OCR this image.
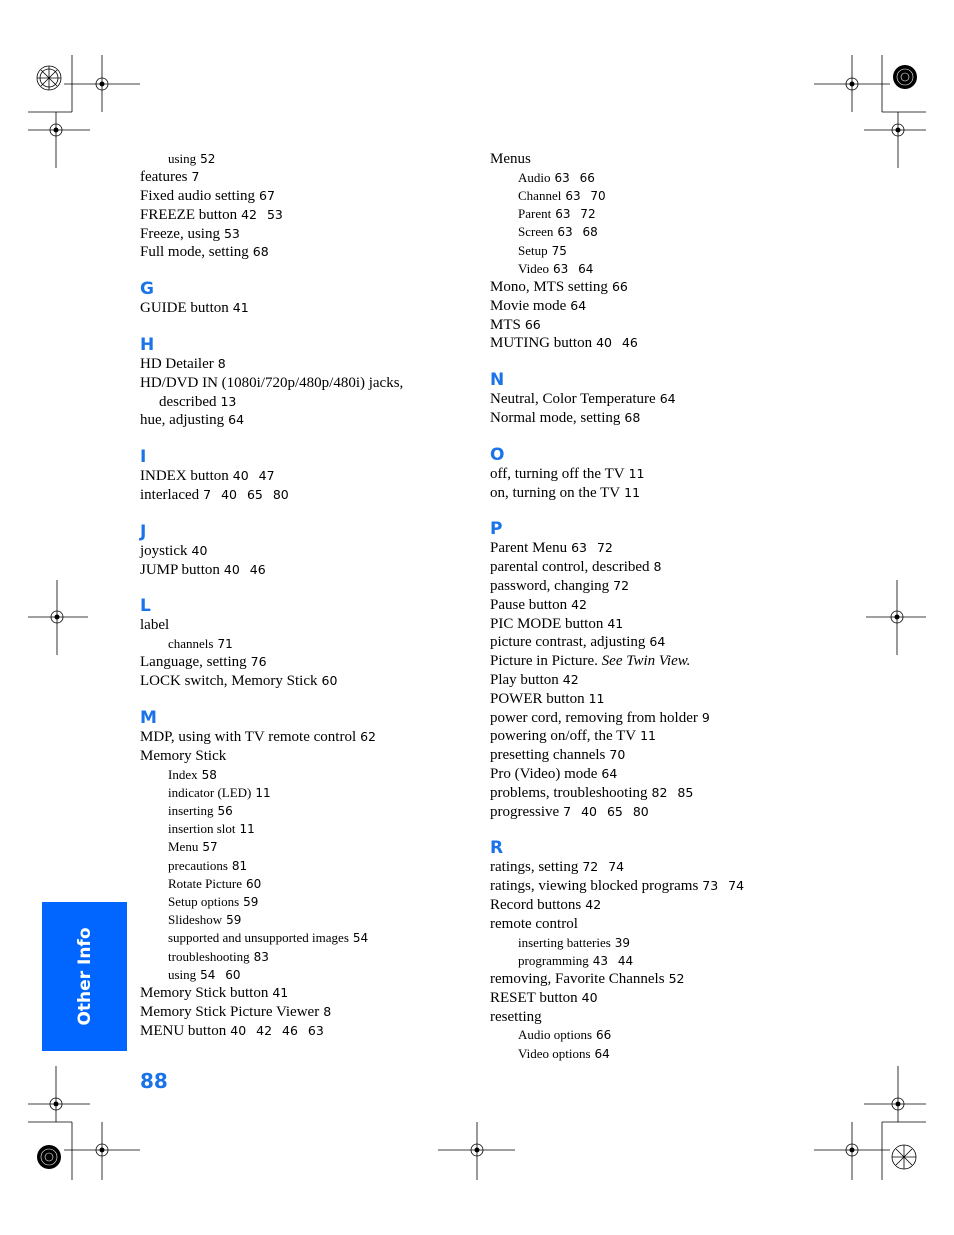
using 52
features 7
Fixed audio setting 67
FREEZE button 42 53
Freeze, using 53
Full mode, setting 68
G
GUIDE button 41
H
HD Detailer 8
HD/DVD IN (1080i/720p/480p/480i) jacks, described 13
hue, adjusting 64
I
INDEX button 40 47
interlaced 7 40 65 80
J
joystick 40
JUMP button 40 46
L
label
channels 71
Language, setting 76
LOCK switch, Memory Stick 60
M
MDP, using with TV remote control 62
Memory Stick
Index 58
indicator (LED) 11
inserting 56
insertion slot 11
Menu 57
precautions 81
Rotate Picture 60
Setup options 59
Slideshow 59
supported and unsupported images 54
troubleshooting 83
using 54 60
Memory Stick button 41
Memory Stick Picture Viewer 8
MENU button 40 42 46 63
Menus
Audio 63 66
Channel 63 70
Parent 63 72
Screen 63 68
Setup 75
Video 63 64
Mono, MTS setting 66
Movie mode 64
MTS 66
MUTING button 40 46
N
Neutral, Color Temperature 64
Normal mode, setting 68
O
off, turning off the TV 11
on, turning on the TV 11
P
Parent Menu 63 72
parental control, described 8
password, changing 72
Pause button 42
PIC MODE button 41
picture contrast, adjusting 64
Picture in Picture. See Twin View.
Play button 42
POWER button 11
power cord, removing from holder 9
powering on/off, the TV 11
presetting channels 70
Pro (Video) mode 64
problems, troubleshooting 82 85
progressive 7 40 65 80
R
ratings, setting 72 74
ratings, viewing blocked programs 73 74
Record buttons 42
remote control
inserting batteries 39
programming 43 44
removing, Favorite Channels 52
RESET button 40
resetting
Audio options 66
Video options 64
Other Info
88
